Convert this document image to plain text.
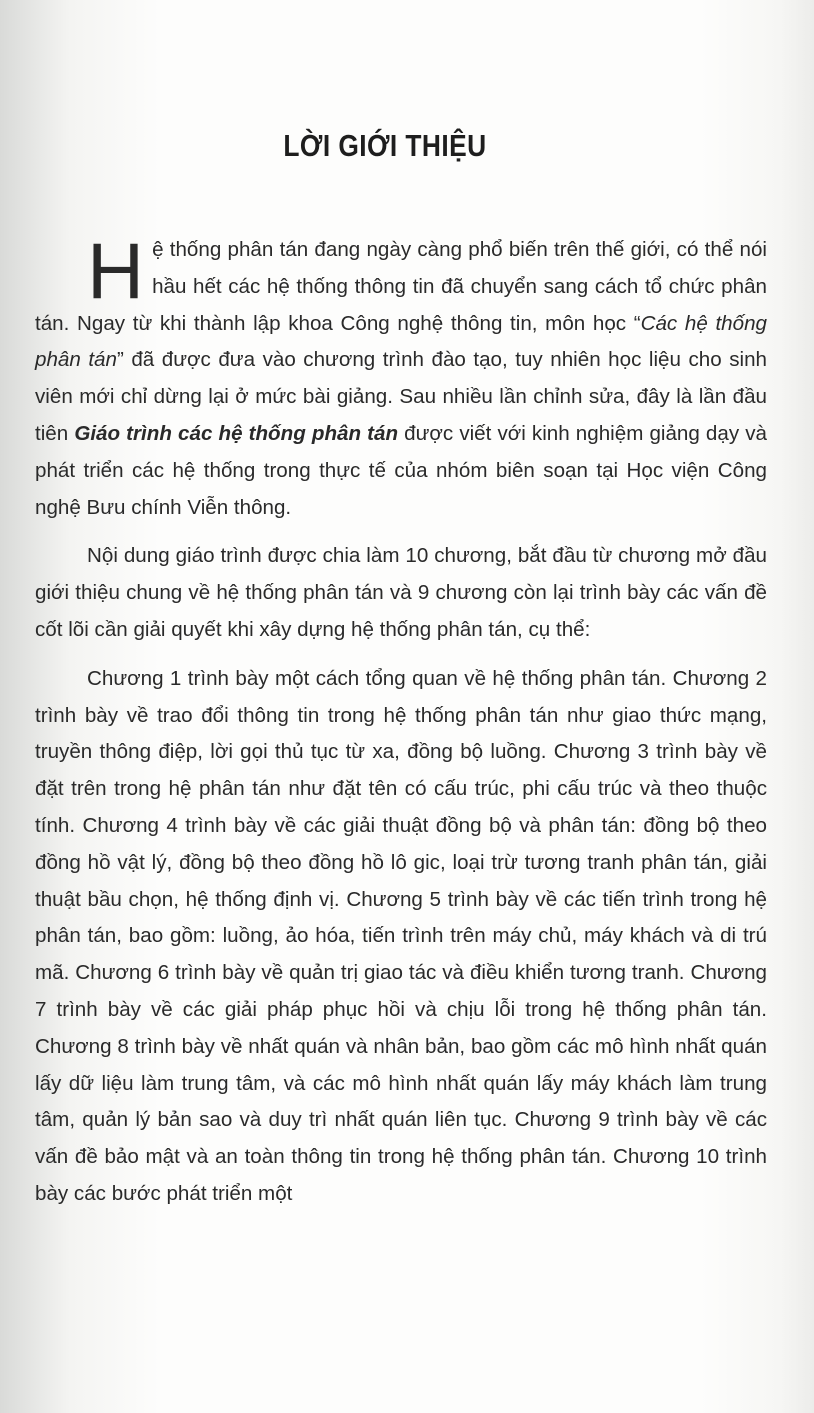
LỜI GIỚI THIỆU

Hệ thống phân tán đang ngày càng phổ biến trên thế giới, có thể nói hầu hết các hệ thống thông tin đã chuyển sang cách tổ chức phân tán. Ngay từ khi thành lập khoa Công nghệ thông tin, môn học “Các hệ thống phân tán” đã được đưa vào chương trình đào tạo, tuy nhiên học liệu cho sinh viên mới chỉ dừng lại ở mức bài giảng. Sau nhiều lần chỉnh sửa, đây là lần đầu tiên Giáo trình các hệ thống phân tán được viết với kinh nghiệm giảng dạy và phát triển các hệ thống trong thực tế của nhóm biên soạn tại Học viện Công nghệ Bưu chính Viễn thông.

Nội dung giáo trình được chia làm 10 chương, bắt đầu từ chương mở đầu giới thiệu chung về hệ thống phân tán và 9 chương còn lại trình bày các vấn đề cốt lõi cần giải quyết khi xây dựng hệ thống phân tán, cụ thể:

Chương 1 trình bày một cách tổng quan về hệ thống phân tán. Chương 2 trình bày về trao đổi thông tin trong hệ thống phân tán như giao thức mạng, truyền thông điệp, lời gọi thủ tục từ xa, đồng bộ luồng. Chương 3 trình bày về đặt trên trong hệ phân tán như đặt tên có cấu trúc, phi cấu trúc và theo thuộc tính. Chương 4 trình bày về các giải thuật đồng bộ và phân tán: đồng bộ theo đồng hồ vật lý, đồng bộ theo đồng hồ lô gic, loại trừ tương tranh phân tán, giải thuật bầu chọn, hệ thống định vị. Chương 5 trình bày về các tiến trình trong hệ phân tán, bao gồm: luồng, ảo hóa, tiến trình trên máy chủ, máy khách và di trú mã. Chương 6 trình bày về quản trị giao tác và điều khiển tương tranh. Chương 7 trình bày về các giải pháp phục hồi và chịu lỗi trong hệ thống phân tán. Chương 8 trình bày về nhất quán và nhân bản, bao gồm các mô hình nhất quán lấy dữ liệu làm trung tâm, và các mô hình nhất quán lấy máy khách làm trung tâm, quản lý bản sao và duy trì nhất quán liên tục. Chương 9 trình bày về các vấn đề bảo mật và an toàn thông tin trong hệ thống phân tán. Chương 10 trình bày các bước phát triển một
